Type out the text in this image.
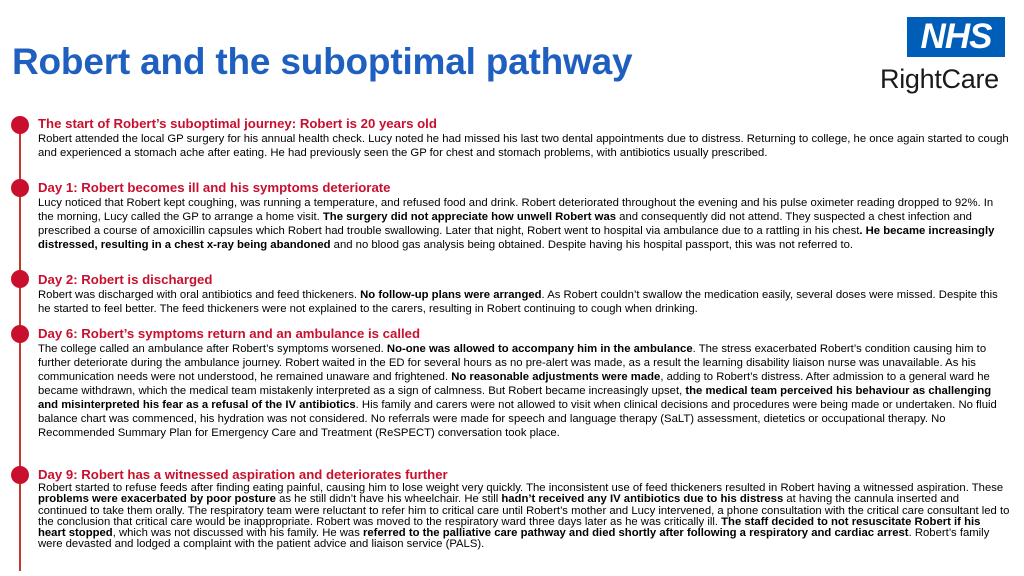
Robert and the suboptimal pathway
NHS
RightCare
The start of Robert’s suboptimal journey: Robert is 20 years old

Robert attended the local GP surgery for his annual health check. Lucy noted he had missed his last two dental appointments due to distress. Returning to college, he once again started to cough and experienced a stomach ache after eating. He had previously seen the GP for chest and stomach problems, with antibiotics usually prescribed.

Day 1: Robert becomes ill and his symptoms deteriorate

Lucy noticed that Robert kept coughing, was running a temperature, and refused food and drink. Robert deteriorated throughout the evening and his pulse oximeter reading dropped to 92%. In the morning, Lucy called the GP to arrange a home visit. The surgery did not appreciate how unwell Robert was and consequently did not attend. They suspected a chest infection and prescribed a course of amoxicillin capsules which Robert had trouble swallowing. Later that night, Robert went to hospital via ambulance due to a rattling in his chest. He became increasingly distressed, resulting in a chest x-ray being abandoned and no blood gas analysis being obtained. Despite having his hospital passport, this was not referred to.

Day 2: Robert is discharged

Robert was discharged with oral antibiotics and feed thickeners. No follow-up plans were arranged. As Robert couldn’t swallow the medication easily, several doses were missed. Despite this he started to feel better. The feed thickeners were not explained to the carers, resulting in Robert continuing to cough when drinking.

Day 6: Robert’s symptoms return and an ambulance is called

The college called an ambulance after Robert’s symptoms worsened. No-one was allowed to accompany him in the ambulance. The stress exacerbated Robert’s condition causing him to further deteriorate during the ambulance journey. Robert waited in the ED for several hours as no pre-alert was made, as a result the learning disability liaison nurse was unavailable. As his communication needs were not understood, he remained unaware and frightened. No reasonable adjustments were made, adding to Robert’s distress. After admission to a general ward he became withdrawn, which the medical team mistakenly interpreted as a sign of calmness. But Robert became increasingly upset, the medical team perceived his behaviour as challenging and misinterpreted his fear as a refusal of the IV antibiotics. His family and carers were not allowed to visit when clinical decisions and procedures were being made or undertaken. No fluid balance chart was commenced, his hydration was not considered. No referrals were made for speech and language therapy (SaLT) assessment, dietetics or occupational therapy. No Recommended Summary Plan for Emergency Care and Treatment (ReSPECT) conversation took place.

Day 9: Robert has a witnessed aspiration and deteriorates further

Robert started to refuse feeds after finding eating painful, causing him to lose weight very quickly. The inconsistent use of feed thickeners resulted in Robert having a witnessed aspiration. These problems were exacerbated by poor posture as he still didn’t have his wheelchair. He still hadn’t received any IV antibiotics due to his distress at having the cannula inserted and continued to take them orally. The respiratory team were reluctant to refer him to critical care until Robert’s mother and Lucy intervened, a phone consultation with the critical care consultant led to the conclusion that critical care would be inappropriate. Robert was moved to the respiratory ward three days later as he was critically ill. The staff decided to not resuscitate Robert if his heart stopped, which was not discussed with his family. He was referred to the palliative care pathway and died shortly after following a respiratory and cardiac arrest. Robert’s family were devasted and lodged a complaint with the patient advice and liaison service (PALS).
